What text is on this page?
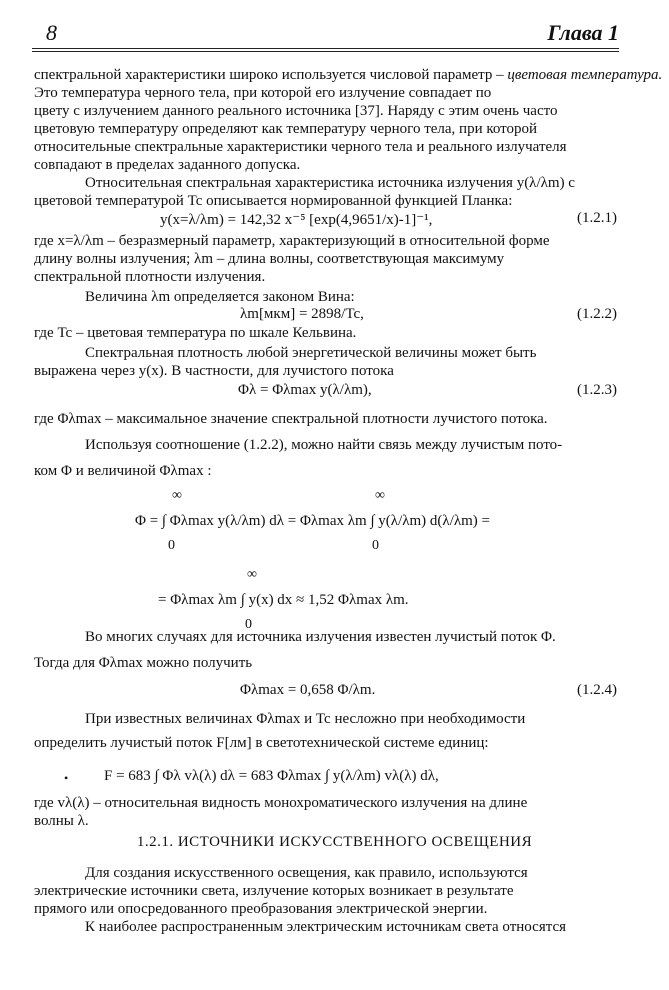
8	Глава 1
спектральной характеристики широко используется числовой параметр – цветовая температура.
Это температура черного тела, при которой его излучение совпадает по
цвету с излучением данного реального источника [37]. Наряду с этим очень часто
цветовую температуру определяют как температуру черного тела, при которой
относительные спектральные характеристики черного тела и реального излучателя
совпадают в пределах заданного допуска.
Относительная спектральная характеристика источника излучения y(λ/λm) с
цветовой температурой Tc описывается нормированной функцией Планка:
y(x=λ/λm) = 142,32 x⁻⁵ [exp(4,9651/x)-1]⁻¹,	(1.2.1)
где x=λ/λm – безразмерный параметр, характеризующий в относительной форме
длину волны излучения; λm – длина волны, соответствующая максимуму
спектральной плотности излучения.
Величина λm определяется законом Вина:
λm[мкм] = 2898/Tc,	(1.2.2)
где Tc – цветовая температура по шкале Кельвина.
Спектральная плотность любой энергетической величины может быть
выражена через y(x). В частности, для лучистого потока
Φλ = Φλmax y(λ/λm),	(1.2.3)
где Φλmax – максимальное значение спектральной плотности лучистого потока.
Используя соотношение (1.2.2), можно найти связь между лучистым пото-
ком Φ и величиной Φλmax :
∞	∞
Φ = ∫ Φλmax y(λ/λm) dλ = Φλmax λm ∫ y(λ/λm) d(λ/λm) =
0	0
∞
= Φλmax λm ∫ y(x) dx ≈ 1,52 Φλmax λm.
0
Во многих случаях для источника излучения известен лучистый поток Φ.
Тогда для Φλmax можно получить
Φλmax = 0,658 Φ/λm.	(1.2.4)
При известных величинах Φλmax и Tc несложно при необходимости
определить лучистый поток F[лм] в светотехнической системе единиц:
• F = 683 ∫ Φλ vλ(λ) dλ = 683 Φλmax ∫ y(λ/λm) vλ(λ) dλ,
где vλ(λ) – относительная видность монохроматического излучения на длине
волны λ.
1.2.1. ИСТОЧНИКИ ИСКУССТВЕННОГО ОСВЕЩЕНИЯ
Для создания искусственного освещения, как правило, используются
электрические источники света, излучение которых возникает в результате
прямого или опосредованного преобразования электрической энергии.
К наиболее распространенным электрическим источникам света относятся
